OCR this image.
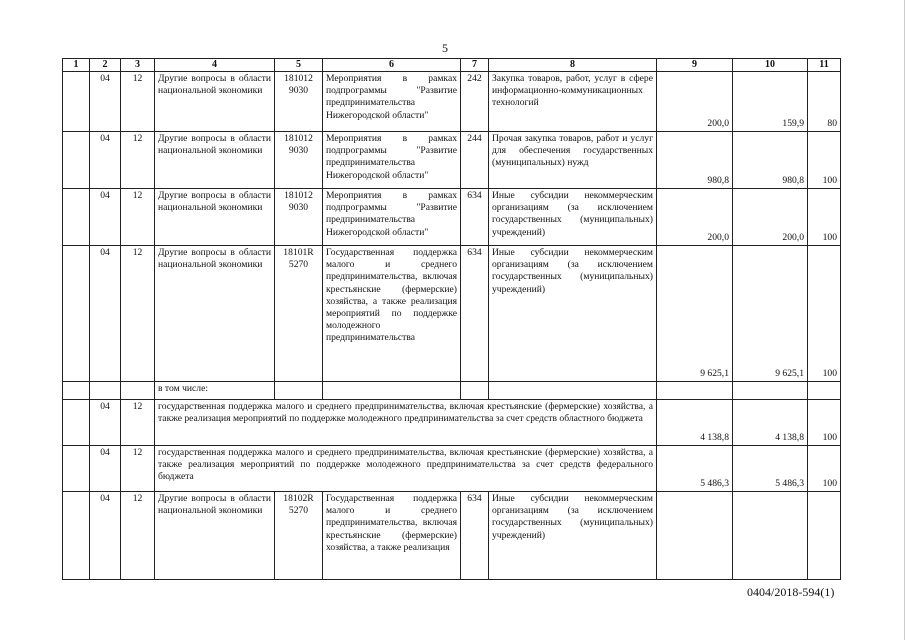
5
1	2	3	4	5	6	7	8	9	10	11
	04	12	Другие вопросы в области национальной экономики	181012 9030	Мероприятия в рамках подпрограммы "Развитие предпринимательства Нижегородской области"	242	Закупка товаров, работ, услуг в сфере информационно-коммуникационных технологий	200,0	159,9	80
	04	12	Другие вопросы в области национальной экономики	181012 9030	Мероприятия в рамках подпрограммы "Развитие предпринимательства Нижегородской области"	244	Прочая закупка товаров, работ и услуг для обеспечения государственных (муниципальных) нужд	980,8	980,8	100
	04	12	Другие вопросы в области национальной экономики	181012 9030	Мероприятия в рамках подпрограммы "Развитие предпринимательства Нижегородской области"	634	Иные субсидии некоммерческим организациям (за исключением государственных (муниципальных) учреждений)	200,0	200,0	100
	04	12	Другие вопросы в области национальной экономики	18101R 5270	Государственная поддержка малого и среднего предпринимательства, включая крестьянские (фермерские) хозяйства, а также реализация мероприятий по поддержке молодежного предпринимательства	634	Иные субсидии некоммерческим организациям (за исключением государственных (муниципальных) учреждений)	9 625,1	9 625,1	100
			в том числе:							
	04	12	государственная поддержка малого и среднего предпринимательства, включая крестьянские (фермерские) хозяйства, а также реализация мероприятий по поддержке молодежного предпринимательства за счет средств областного бюджета					4 138,8	4 138,8	100
	04	12	государственная поддержка малого и среднего предпринимательства, включая крестьянские (фермерские) хозяйства, а также реализация мероприятий по поддержке молодежного предпринимательства за счет средств федерального бюджета					5 486,3	5 486,3	100
	04	12	Другие вопросы в области национальной экономики	18102R 5270	Государственная поддержка малого и среднего предпринимательства, включая крестьянские (фермерские) хозяйства, а также реализация	634	Иные субсидии некоммерческим организациям (за исключением государственных (муниципальных) учреждений)			
0404/2018-594(1)
